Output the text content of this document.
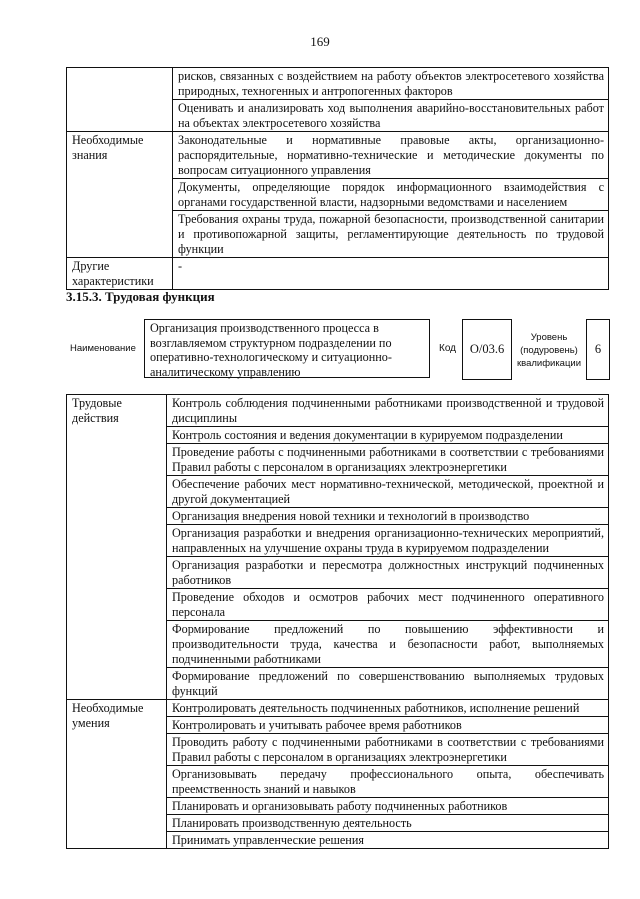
169
	рисков, связанных с воздействием на работу объектов электросетевого хозяйства природных, техногенных и антропогенных факторов
	Оценивать и анализировать ход выполнения аварийно-восстановительных работ на объектах электросетевого хозяйства
Необходимые знания	Законодательные и нормативные правовые акты, организационно-распорядительные, нормативно-технические и методические документы по вопросам ситуационного управления
	Документы, определяющие порядок информационного взаимодействия с органами государственной власти, надзорными ведомствами и населением
	Требования охраны труда, пожарной безопасности, производственной санитарии и противопожарной защиты, регламентирующие деятельность по трудовой функции
Другие характеристики	-
3.15.3. Трудовая функция
Наименование
Организация производственного процесса в возглавляемом структурном подразделении по оперативно-технологическому и ситуационно-аналитическому управлению
Код	О/03.6
Уровень (подуровень) квалификации
6
Трудовые действия	Контроль соблюдения подчиненными работниками производственной и трудовой дисциплины
	Контроль состояния и ведения документации в курируемом подразделении
	Проведение работы с подчиненными работниками в соответствии с требованиями Правил работы с персоналом в организациях электроэнергетики
	Обеспечение рабочих мест нормативно-технической, методической, проектной и другой документацией
	Организация внедрения новой техники и технологий в производство
	Организация разработки и внедрения организационно-технических мероприятий, направленных на улучшение охраны труда в курируемом подразделении
	Организация разработки и пересмотра должностных инструкций подчиненных работников
	Проведение обходов и осмотров рабочих мест подчиненного оперативного персонала
	Формирование предложений по повышению эффективности и производительности труда, качества и безопасности работ, выполняемых подчиненными работниками
	Формирование предложений по совершенствованию выполняемых трудовых функций
Необходимые умения	Контролировать деятельность подчиненных работников, исполнение решений
	Контролировать и учитывать рабочее время работников
	Проводить работу с подчиненными работниками в соответствии с требованиями Правил работы с персоналом в организациях электроэнергетики
	Организовывать передачу профессионального опыта, обеспечивать преемственность знаний и навыков
	Планировать и организовывать работу подчиненных работников
	Планировать производственную деятельность
	Принимать управленческие решения
